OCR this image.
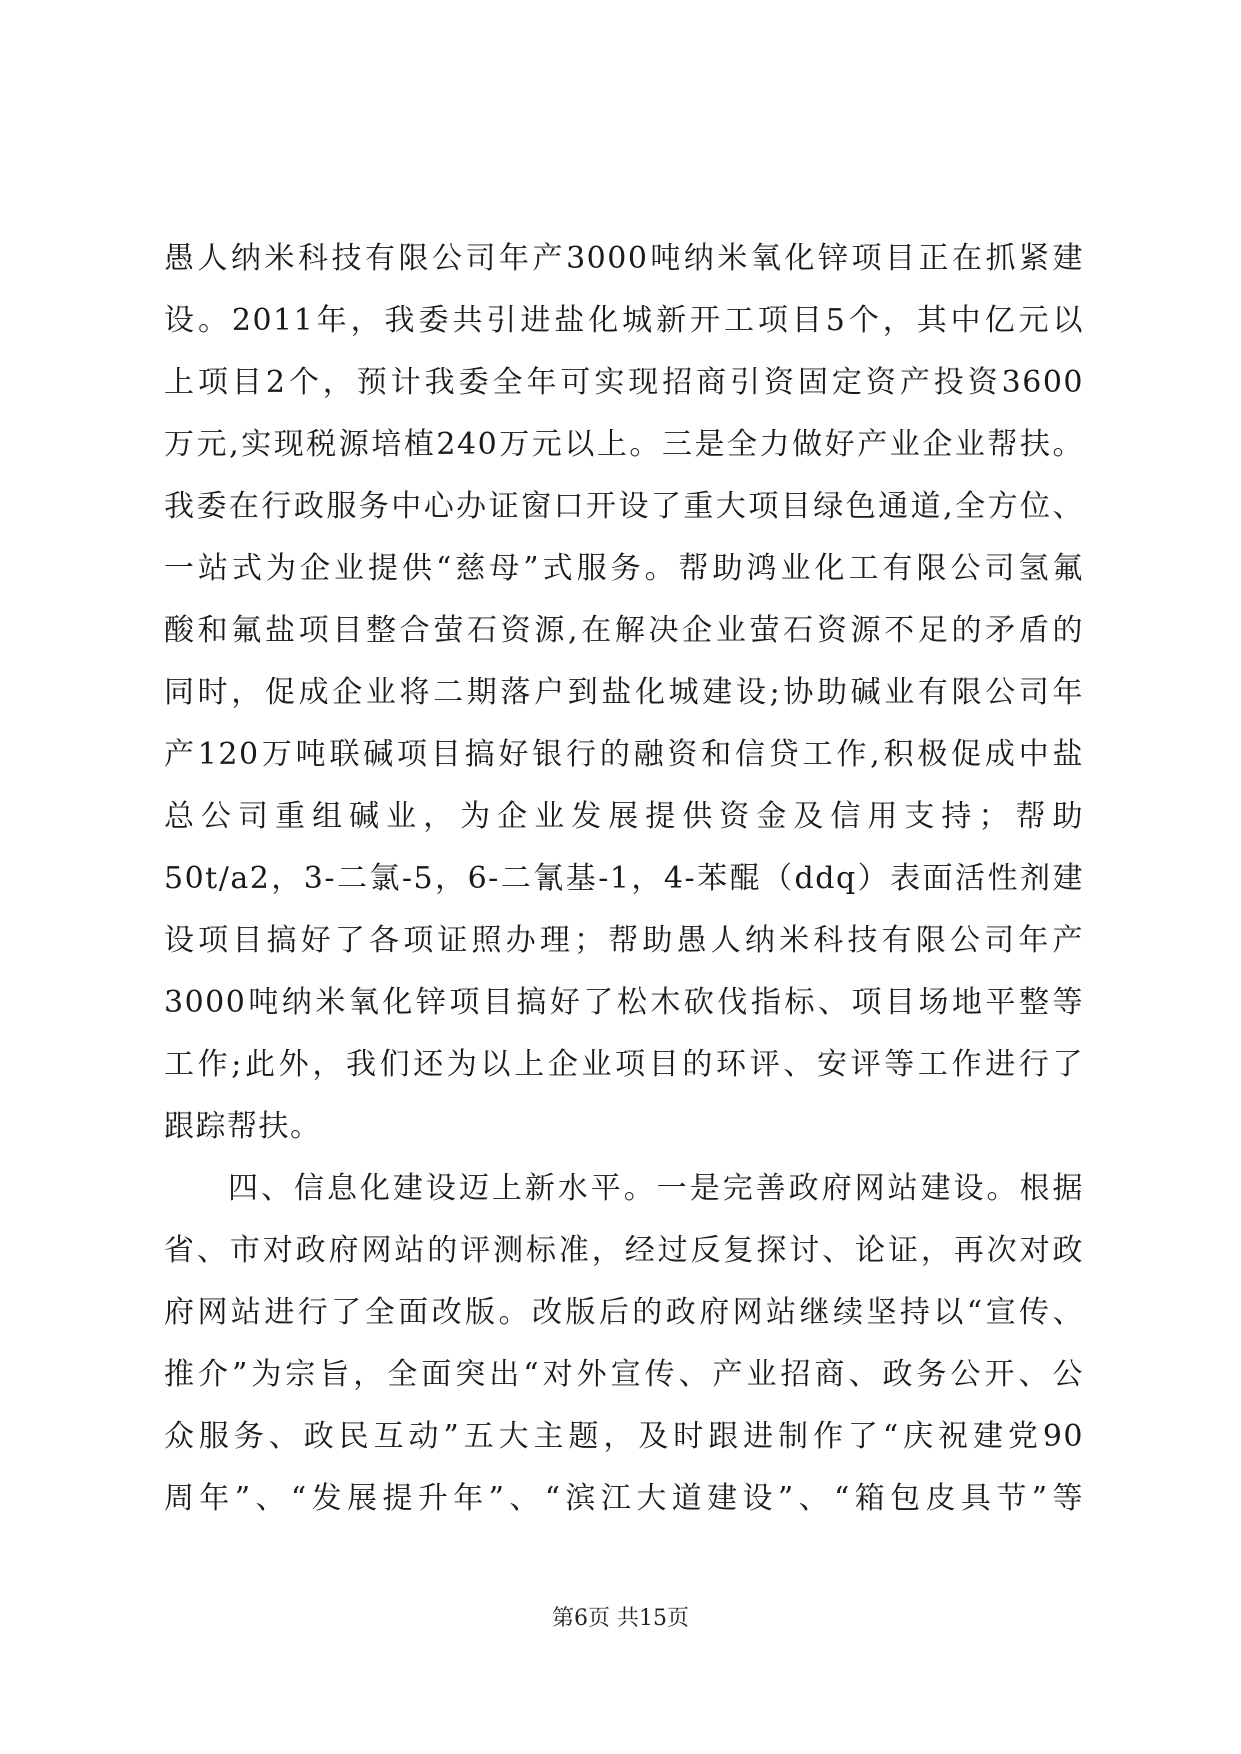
愚人纳米科技有限公司年产3000吨纳米氧化锌项目正在抓紧建
设。2011年，我委共引进盐化城新开工项目5个，其中亿元以
上项目2个，预计我委全年可实现招商引资固定资产投资3600
万元,实现税源培植240万元以上。三是全力做好产业企业帮扶。
我委在行政服务中心办证窗口开设了重大项目绿色通道,全方位、
一站式为企业提供“慈母”式服务。帮助鸿业化工有限公司氢氟
酸和氟盐项目整合萤石资源,在解决企业萤石资源不足的矛盾的
同时，促成企业将二期落户到盐化城建设;协助碱业有限公司年
产120万吨联碱项目搞好银行的融资和信贷工作,积极促成中盐
总公司重组碱业，为企业发展提供资金及信用支持；帮助
50t/a2，3-二氯-5，6-二氰基-1，4-苯醌（ddq）表面活性剂建
设项目搞好了各项证照办理；帮助愚人纳米科技有限公司年产
3000吨纳米氧化锌项目搞好了松木砍伐指标、项目场地平整等
工作;此外，我们还为以上企业项目的环评、安评等工作进行了
跟踪帮扶。
四、信息化建设迈上新水平。一是完善政府网站建设。根据
省、市对政府网站的评测标准，经过反复探讨、论证，再次对政
府网站进行了全面改版。改版后的政府网站继续坚持以“宣传、
推介”为宗旨，全面突出“对外宣传、产业招商、政务公开、公
众服务、政民互动”五大主题，及时跟进制作了“庆祝建党90
周年”、“发展提升年”、“滨江大道建设”、“箱包皮具节”等
第6页 共15页
